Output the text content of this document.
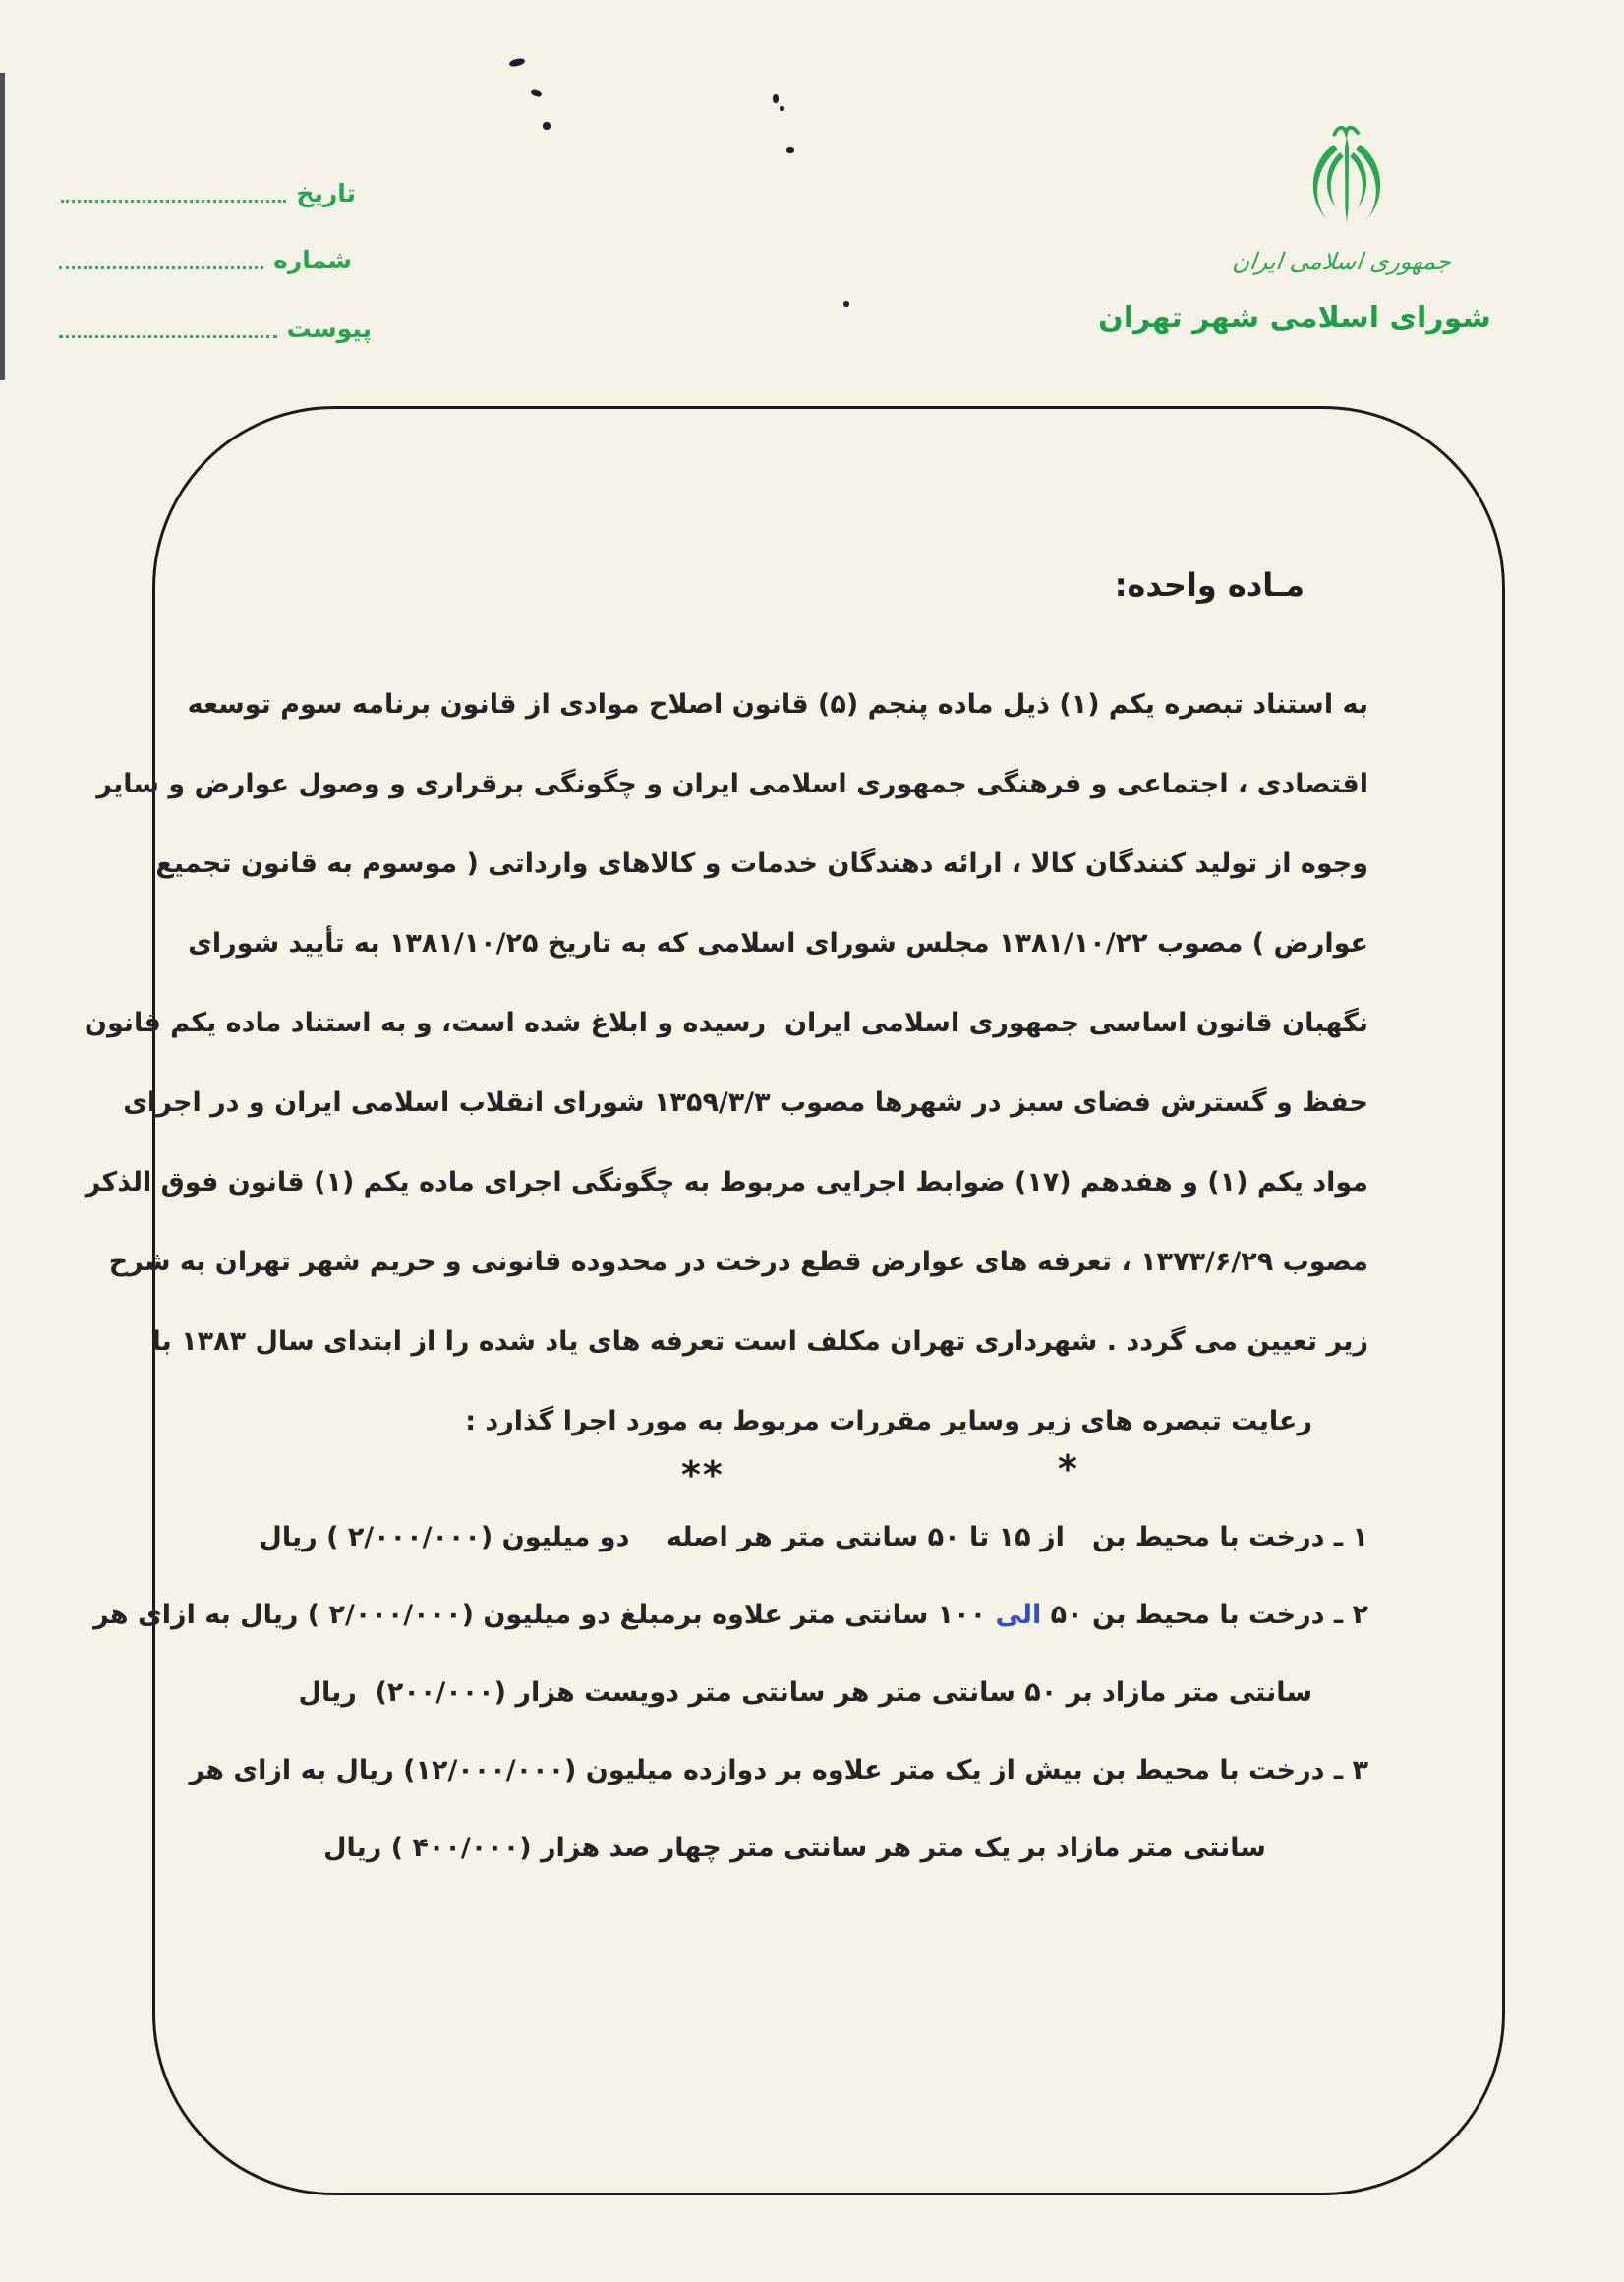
تاریخ
شماره
پیوست
جمهوری اسلامی ایران
شورای اسلامی شهر تهران
مـاده واحده:
به استناد تبصره یکم (۱) ذیل ماده پنجم (۵) قانون اصلاح موادی از قانون برنامه سوم توسعه
اقتصادی ، اجتماعی و فرهنگی جمهوری اسلامی ایران و چگونگی برقراری و وصول عوارض و سایر
وجوه از تولید کنندگان کالا ، ارائه دهندگان خدمات و کالاهای وارداتی ( موسوم به قانون تجمیع
عوارض ) مصوب ۱۳۸۱/۱۰/۲۲ مجلس شورای اسلامی که به تاریخ ۱۳۸۱/۱۰/۲۵ به تأیید شورای
نگهبان قانون اساسی جمهوری اسلامی ایران  رسیده و ابلاغ شده است، و به استناد ماده یکم قانون
حفظ و گسترش فضای سبز در شهرها مصوب ۱۳۵۹/۳/۳ شورای انقلاب اسلامی ایران و در اجرای
مواد یکم (۱) و هفدهم (۱۷) ضوابط اجرایی مربوط به چگونگی اجرای ماده یکم (۱) قانون فوق الذکر
مصوب ۱۳۷۳/۶/۲۹ ، تعرفه های عوارض قطع درخت در محدوده قانونی و حریم شهر تهران به شرح
زیر تعیین می گردد . شهرداری تهران مکلف است تعرفه های یاد شده را از ابتدای سال ۱۳۸۳ با
رعایت تبصره های زیر وسایر مقررات مربوط به مورد اجرا گذارد :
**	*
۱ ـ درخت با محیط بن   از ۱۵ تا ۵۰ سانتی متر هر اصله    دو میلیون (۲/۰۰۰/۰۰۰ ) ریال
۲ ـ درخت با محیط بن ۵۰ الی ۱۰۰ سانتی متر علاوه برمبلغ دو میلیون (۲/۰۰۰/۰۰۰ ) ریال به ازای هر
سانتی متر مازاد بر ۵۰ سانتی متر هر سانتی متر دویست هزار (۲۰۰/۰۰۰)  ریال
۳ ـ درخت با محیط بن بیش از یک متر علاوه بر دوازده میلیون (۱۲/۰۰۰/۰۰۰) ریال به ازای هر
سانتی متر مازاد بر یک متر هر سانتی متر چهار صد هزار (۴۰۰/۰۰۰ ) ریال
